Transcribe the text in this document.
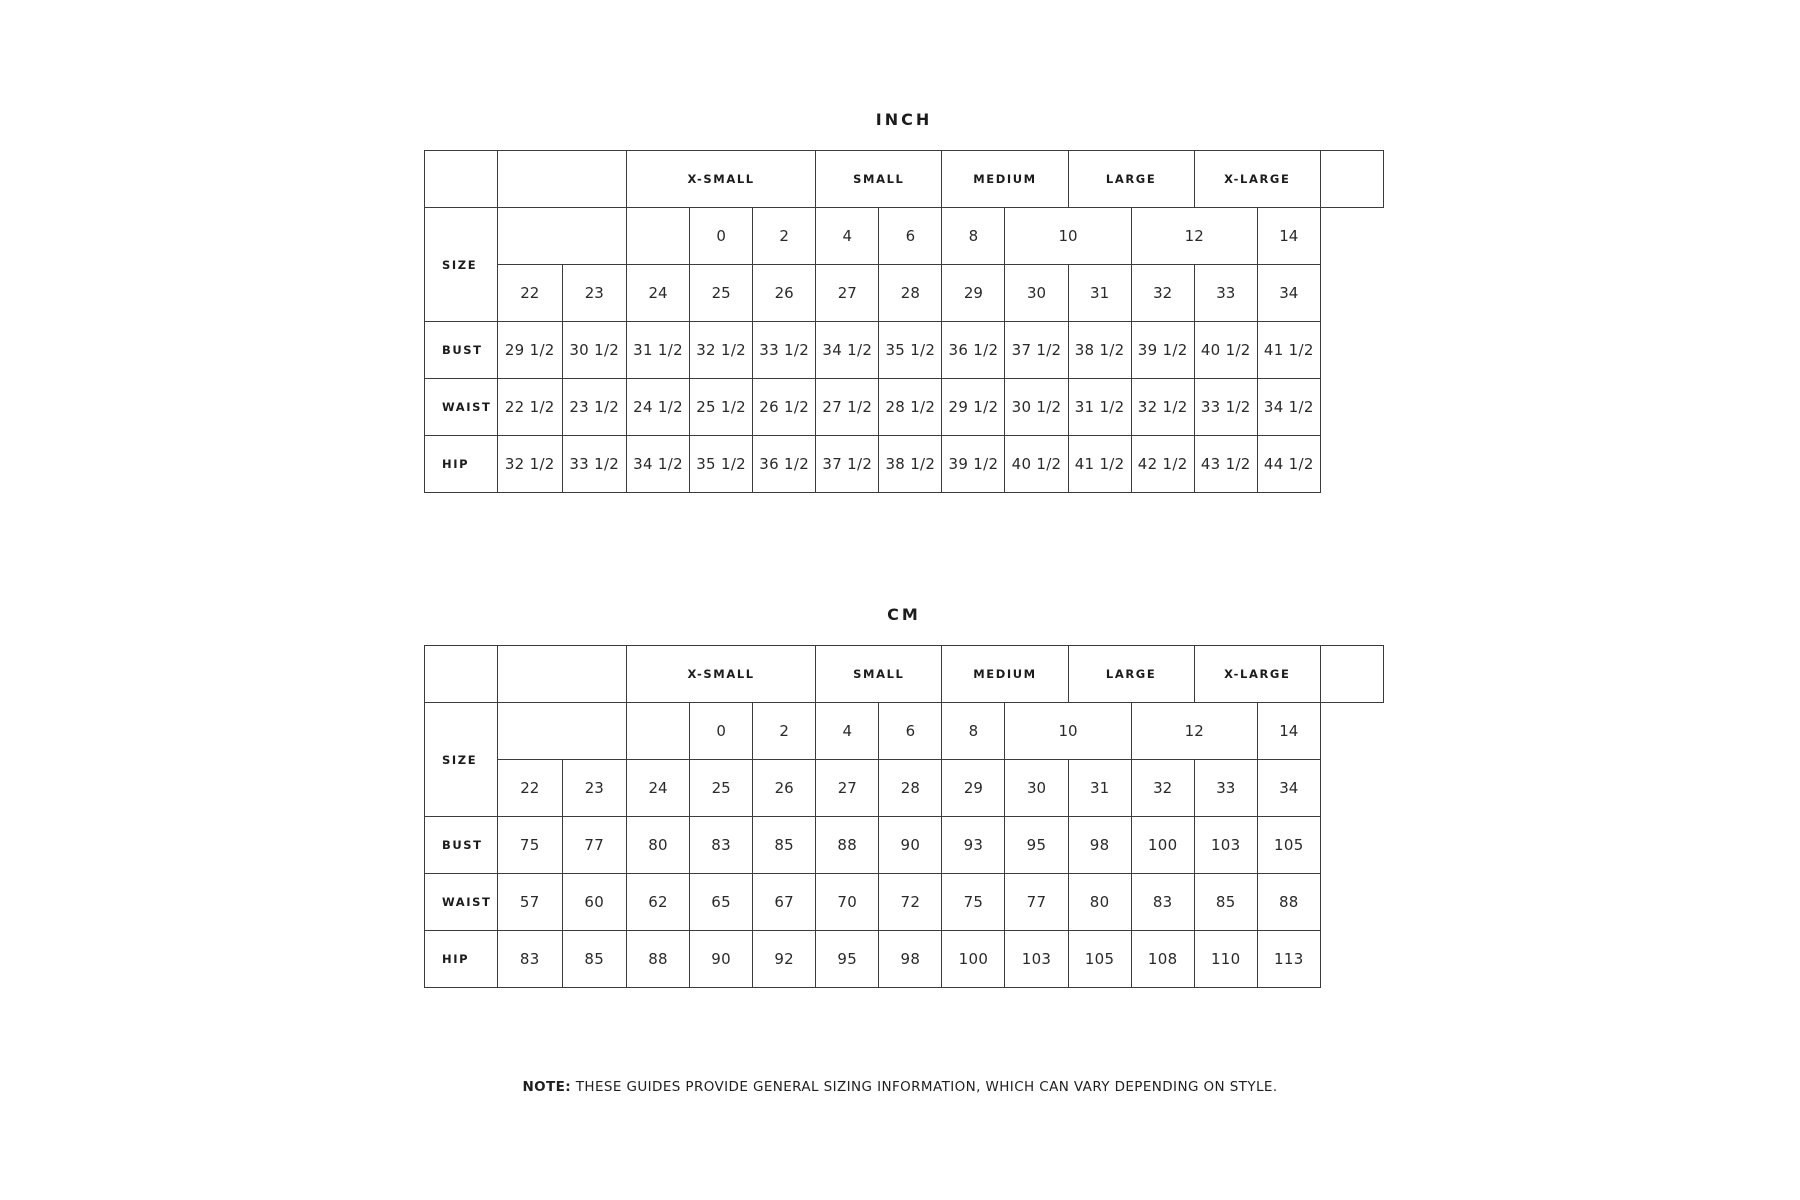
INCH
			X-SMALL			SMALL		MEDIUM		LARGE		X-LARGE		
SIZE				0	2	4	6	8	10		12		14	
	22	23	24	25	26	27	28	29	30	31	32	33	34	
BUST	29 1/2	30 1/2	31 1/2	32 1/2	33 1/2	34 1/2	35 1/2	36 1/2	37 1/2	38 1/2	39 1/2	40 1/2	41 1/2	
WAIST	22 1/2	23 1/2	24 1/2	25 1/2	26 1/2	27 1/2	28 1/2	29 1/2	30 1/2	31 1/2	32 1/2	33 1/2	34 1/2	
HIP	32 1/2	33 1/2	34 1/2	35 1/2	36 1/2	37 1/2	38 1/2	39 1/2	40 1/2	41 1/2	42 1/2	43 1/2	44 1/2	
CM
			X-SMALL			SMALL		MEDIUM		LARGE		X-LARGE		
SIZE				0	2	4	6	8	10		12		14	
	22	23	24	25	26	27	28	29	30	31	32	33	34	
BUST	75	77	80	83	85	88	90	93	95	98	100	103	105	
WAIST	57	60	62	65	67	70	72	75	77	80	83	85	88	
HIP	83	85	88	90	92	95	98	100	103	105	108	110	113	
NOTE: THESE GUIDES PROVIDE GENERAL SIZING INFORMATION, WHICH CAN VARY DEPENDING ON STYLE.
